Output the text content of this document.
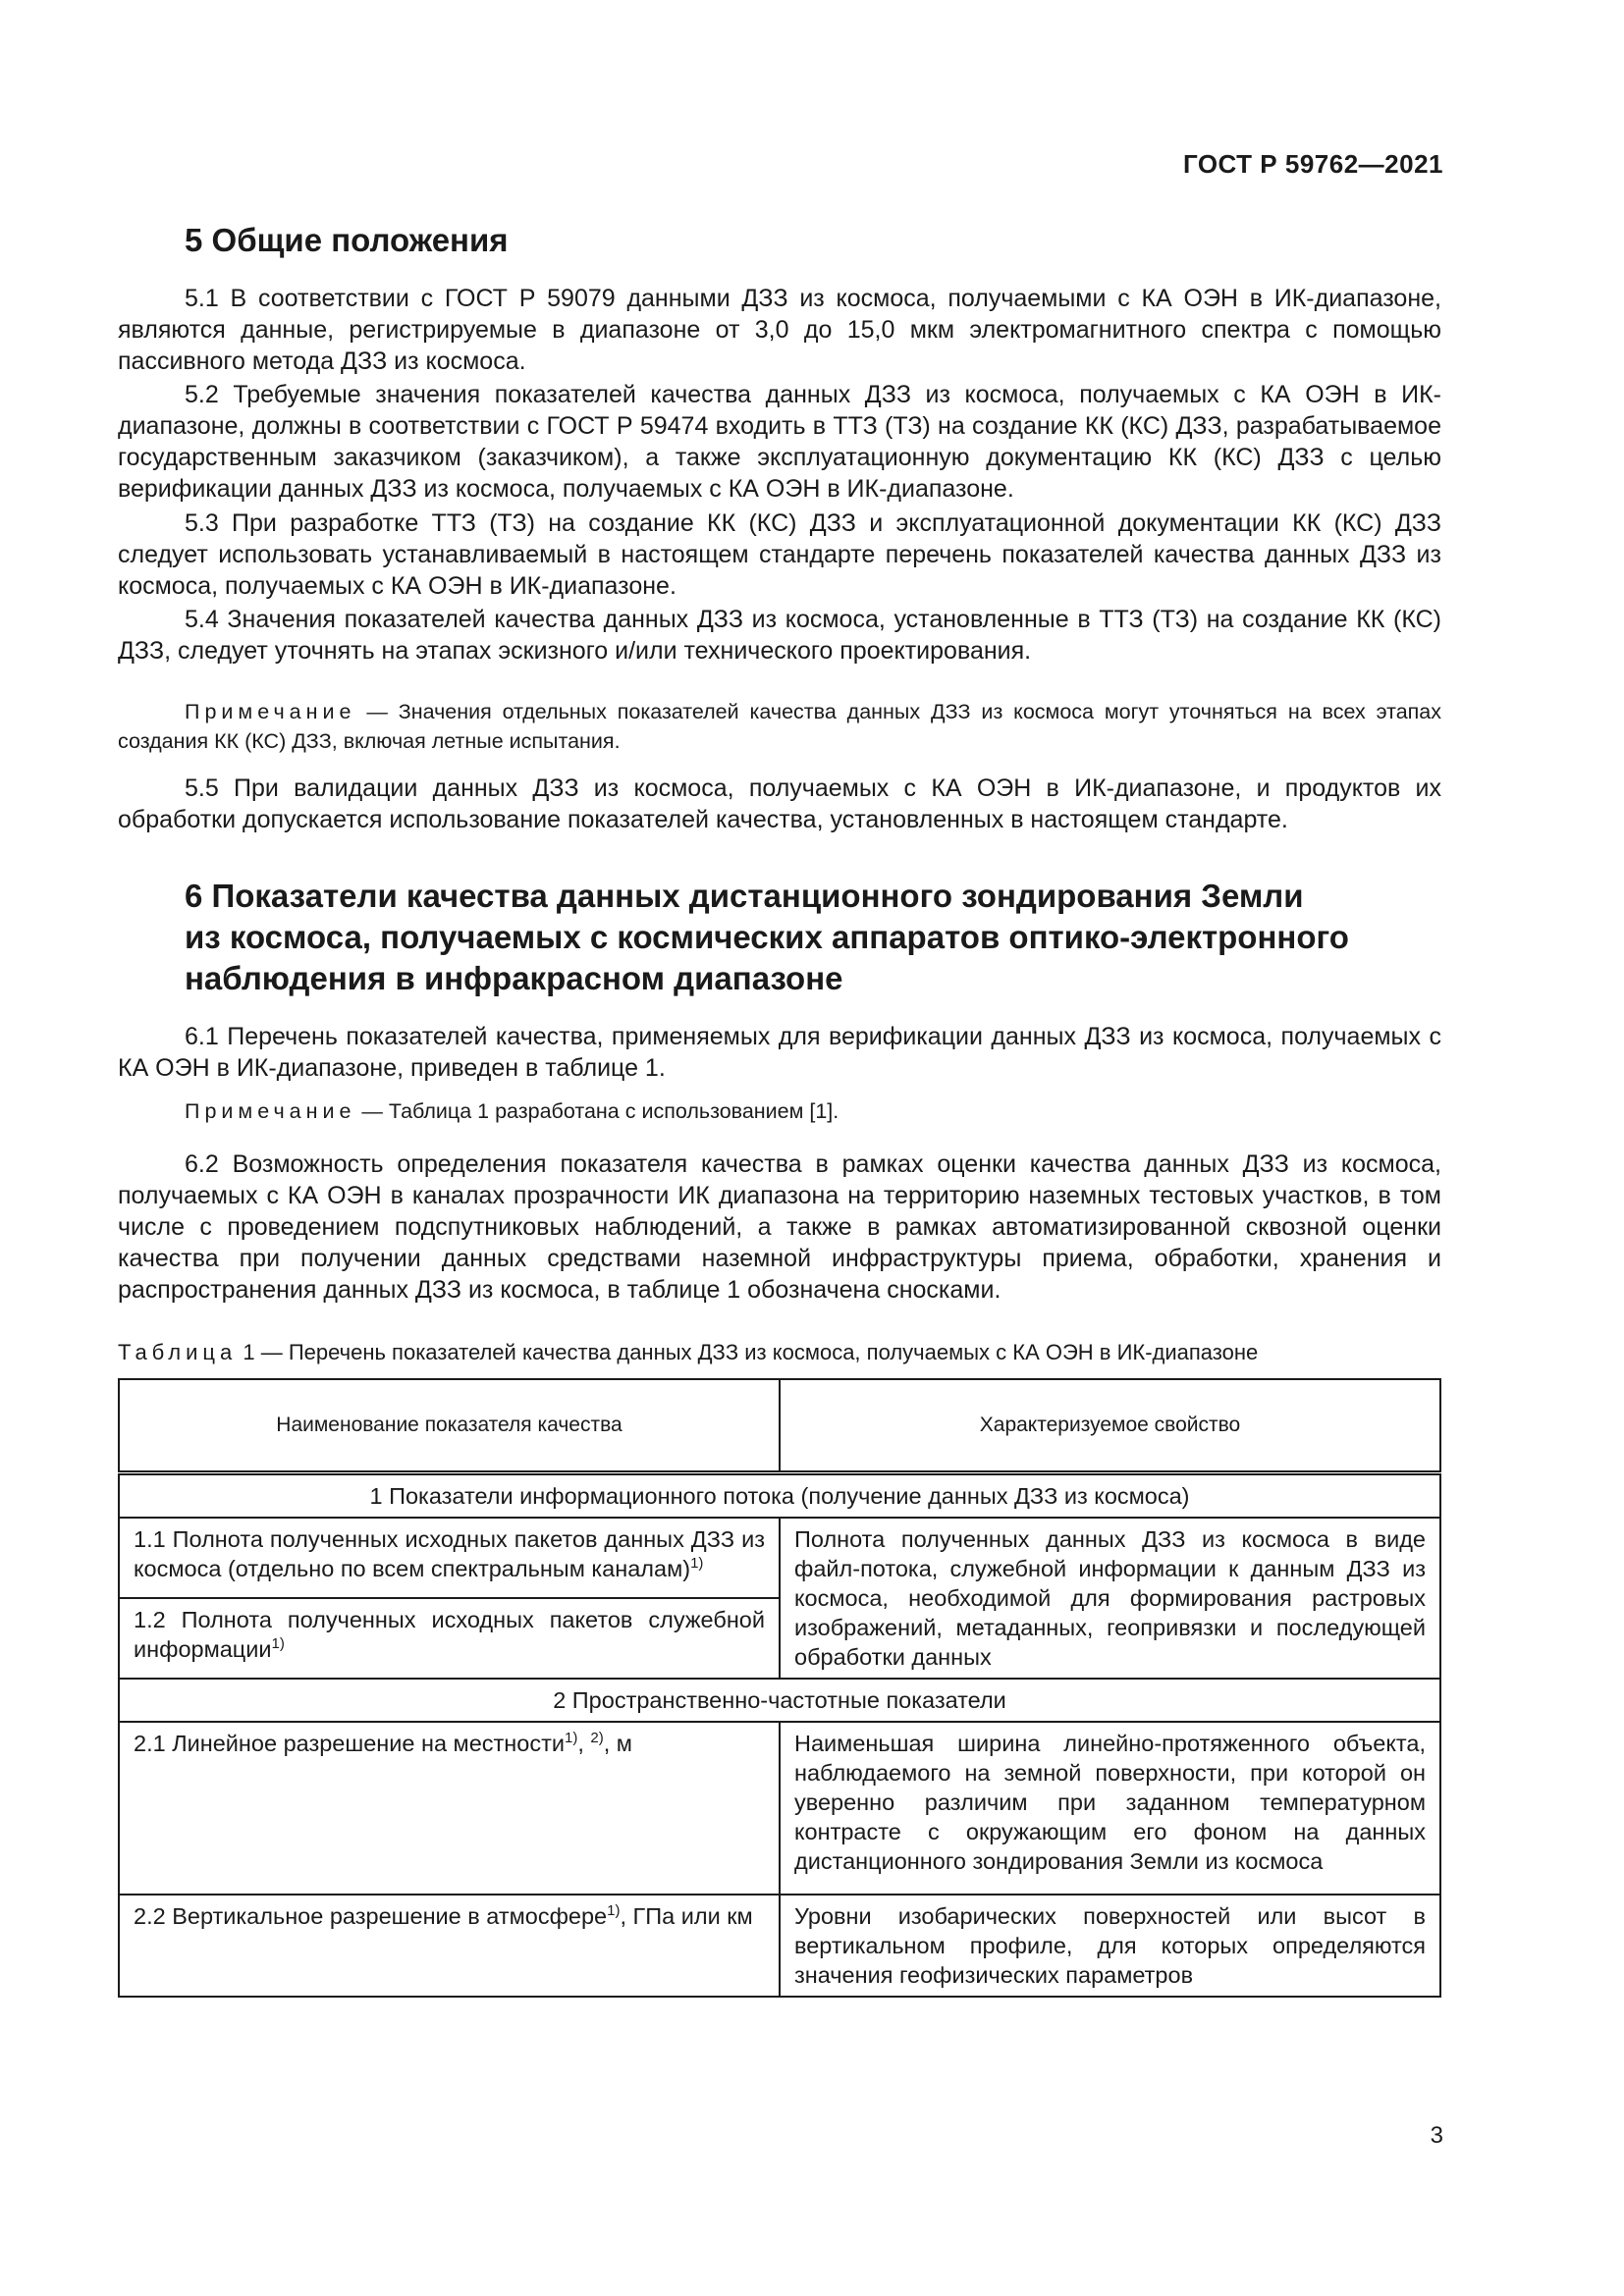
ГОСТ Р 59762—2021
5 Общие положения

5.1 В соответствии с ГОСТ Р 59079 данными ДЗЗ из космоса, получаемыми с КА ОЭН в ИК-диапазоне, являются данные, регистрируемые в диапазоне от 3,0 до 15,0 мкм электромагнитного спектра с помощью пассивного метода ДЗЗ из космоса.

5.2 Требуемые значения показателей качества данных ДЗЗ из космоса, получаемых с КА ОЭН в ИК-диапазоне, должны в соответствии с ГОСТ Р 59474 входить в ТТЗ (ТЗ) на создание КК (КС) ДЗЗ, разрабатываемое государственным заказчиком (заказчиком), а также эксплуатационную документацию КК (КС) ДЗЗ с целью верификации данных ДЗЗ из космоса, получаемых с КА ОЭН в ИК-диапазоне.

5.3 При разработке ТТЗ (ТЗ) на создание КК (КС) ДЗЗ и эксплуатационной документации КК (КС) ДЗЗ следует использовать устанавливаемый в настоящем стандарте перечень показателей качества данных ДЗЗ из космоса, получаемых с КА ОЭН в ИК-диапазоне.

5.4 Значения показателей качества данных ДЗЗ из космоса, установленные в ТТЗ (ТЗ) на создание КК (КС) ДЗЗ, следует уточнять на этапах эскизного и/или технического проектирования.

Примечание — Значения отдельных показателей качества данных ДЗЗ из космоса могут уточняться на всех этапах создания КК (КС) ДЗЗ, включая летные испытания.

5.5 При валидации данных ДЗЗ из космоса, получаемых с КА ОЭН в ИК-диапазоне, и продуктов их обработки допускается использование показателей качества, установленных в настоящем стандарте.

6 Показатели качества данных дистанционного зондирования Земли
из космоса, получаемых с космических аппаратов оптико-электронного
наблюдения в инфракрасном диапазоне

6.1 Перечень показателей качества, применяемых для верификации данных ДЗЗ из космоса, получаемых с КА ОЭН в ИК-диапазоне, приведен в таблице 1.

Примечание — Таблица 1 разработана с использованием [1].

6.2 Возможность определения показателя качества в рамках оценки качества данных ДЗЗ из космоса, получаемых с КА ОЭН в каналах прозрачности ИК диапазона на территорию наземных тестовых участков, в том числе с проведением подспутниковых наблюдений, а также в рамках автоматизированной сквозной оценки качества при получении данных средствами наземной инфраструктуры приема, обработки, хранения и распространения данных ДЗЗ из космоса, в таблице 1 обозначена сносками.

Таблица 1 — Перечень показателей качества данных ДЗЗ из космоса, получаемых с КА ОЭН в ИК-диапазоне
Наименование показателя качества	Характеризуемое свойство
1 Показатели информационного потока (получение данных ДЗЗ из космоса)	
1.1 Полнота полученных исходных пакетов данных ДЗЗ из космоса (отдельно по всем спектральным каналам)$^{1)}$	Полнота полученных данных ДЗЗ из космоса в виде файл-потока, служебной информации к данным ДЗЗ из космоса, необходимой для формирования растровых изображений, метаданных, геопривязки и последующей обработки данных
1.2 Полнота полученных исходных пакетов служебной информации$^{1)}$
2 Пространственно-частотные показатели	
2.1 Линейное разрешение на местности$^{1)}$, $^{2)}$, м	Наименьшая ширина линейно-протяженного объекта, наблюдаемого на земной поверхности, при которой он уверенно различим при заданном температурном контрасте с окружающим его фоном на данных дистанционного зондирования Земли из космоса
2.2 Вертикальное разрешение в атмосфере$^{1)}$, ГПа или км	Уровни изобарических поверхностей или высот в вертикальном профиле, для которых определяются значения геофизических параметров
3
